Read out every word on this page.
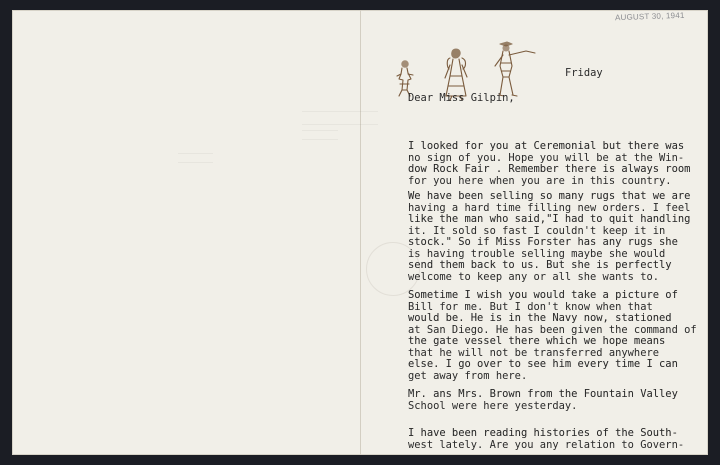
AUGUST 30, 1941
Friday
Dear Miss Gilpin,
I looked for you at Ceremonial but there was
no sign of you. Hope you will be at the Win-
dow Rock Fair . Remember there is always room
for you here when you are in this country.
We have been selling so many rugs that we are
having a hard time filling new orders. I feel
like the man who said,"I had to quit handling
it. It sold so fast I couldn't keep it in
stock." So if Miss Forster has any rugs she
is having trouble selling maybe she would
send them back to us. But she is perfectly
welcome to keep any or all she wants to.
Sometime I wish you would take a picture of
Bill for me. But I don't know when that
would be. He is in the Navy now, stationed
at San Diego. He has been given the command of
the gate vessel there which we hope means
that he will not be transferred anywhere
else. I go over to see him every time I can
get away from here.
Mr. ans Mrs. Brown from the Fountain Valley
School were here yesterday.
I have been reading histories of the South-
west lately. Are you any relation to Govern-
